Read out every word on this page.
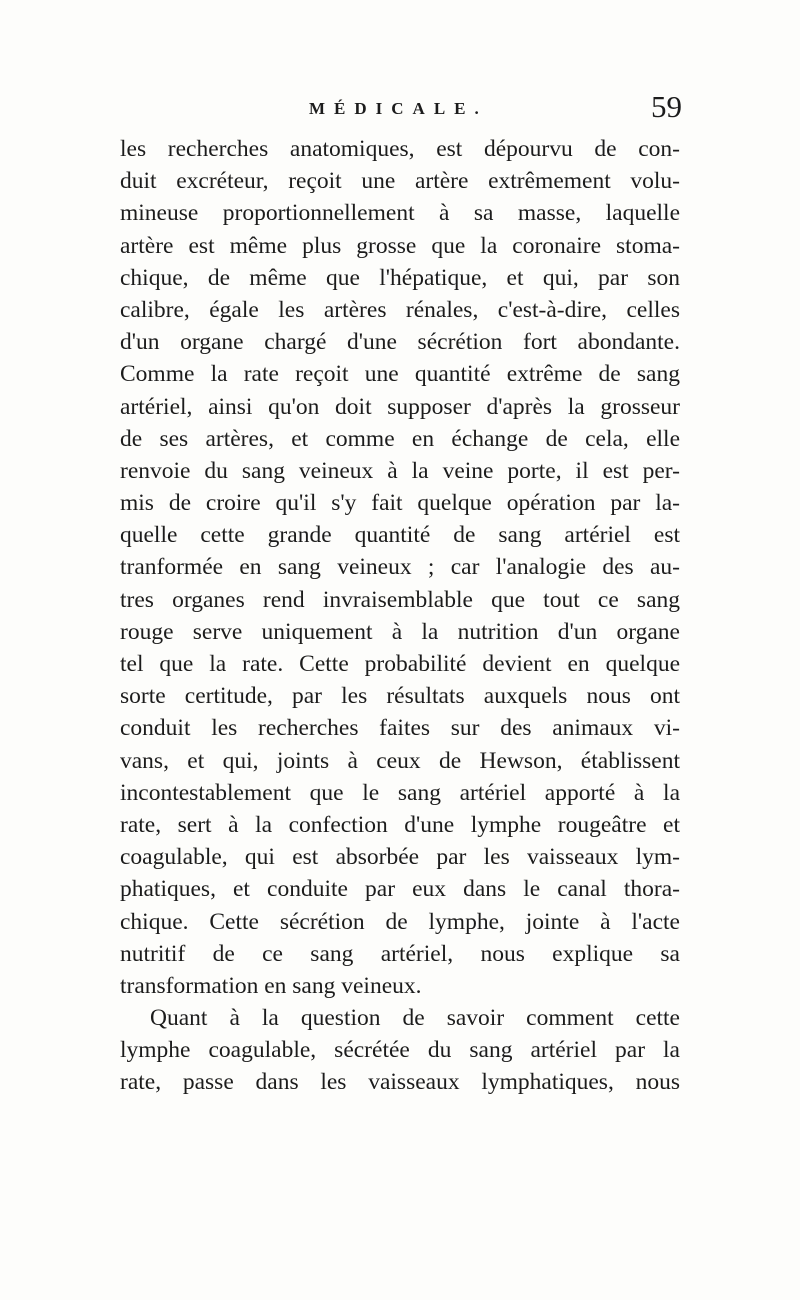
MÉDICALE.	59
les recherches anatomiques, est dépourvu de con-
duit excréteur, reçoit une artère extrêmement volu-
mineuse proportionnellement à sa masse, laquelle
artère est même plus grosse que la coronaire stoma-
chique, de même que l'hépatique, et qui, par son
calibre, égale les artères rénales, c'est-à-dire, celles
d'un organe chargé d'une sécrétion fort abondante.
Comme la rate reçoit une quantité extrême de sang
artériel, ainsi qu'on doit supposer d'après la grosseur
de ses artères, et comme en échange de cela, elle
renvoie du sang veineux à la veine porte, il est per-
mis de croire qu'il s'y fait quelque opération par la-
quelle cette grande quantité de sang artériel est
tranformée en sang veineux ; car l'analogie des au-
tres organes rend invraisemblable que tout ce sang
rouge serve uniquement à la nutrition d'un organe
tel que la rate. Cette probabilité devient en quelque
sorte certitude, par les résultats auxquels nous ont
conduit les recherches faites sur des animaux vi-
vans, et qui, joints à ceux de Hewson, établissent
incontestablement que le sang artériel apporté à la
rate, sert à la confection d'une lymphe rougeâtre et
coagulable, qui est absorbée par les vaisseaux lym-
phatiques, et conduite par eux dans le canal thora-
chique. Cette sécrétion de lymphe, jointe à l'acte
nutritif de ce sang artériel, nous explique sa
transformation en sang veineux.
Quant à la question de savoir comment cette
lymphe coagulable, sécrétée du sang artériel par la
rate, passe dans les vaisseaux lymphatiques, nous
